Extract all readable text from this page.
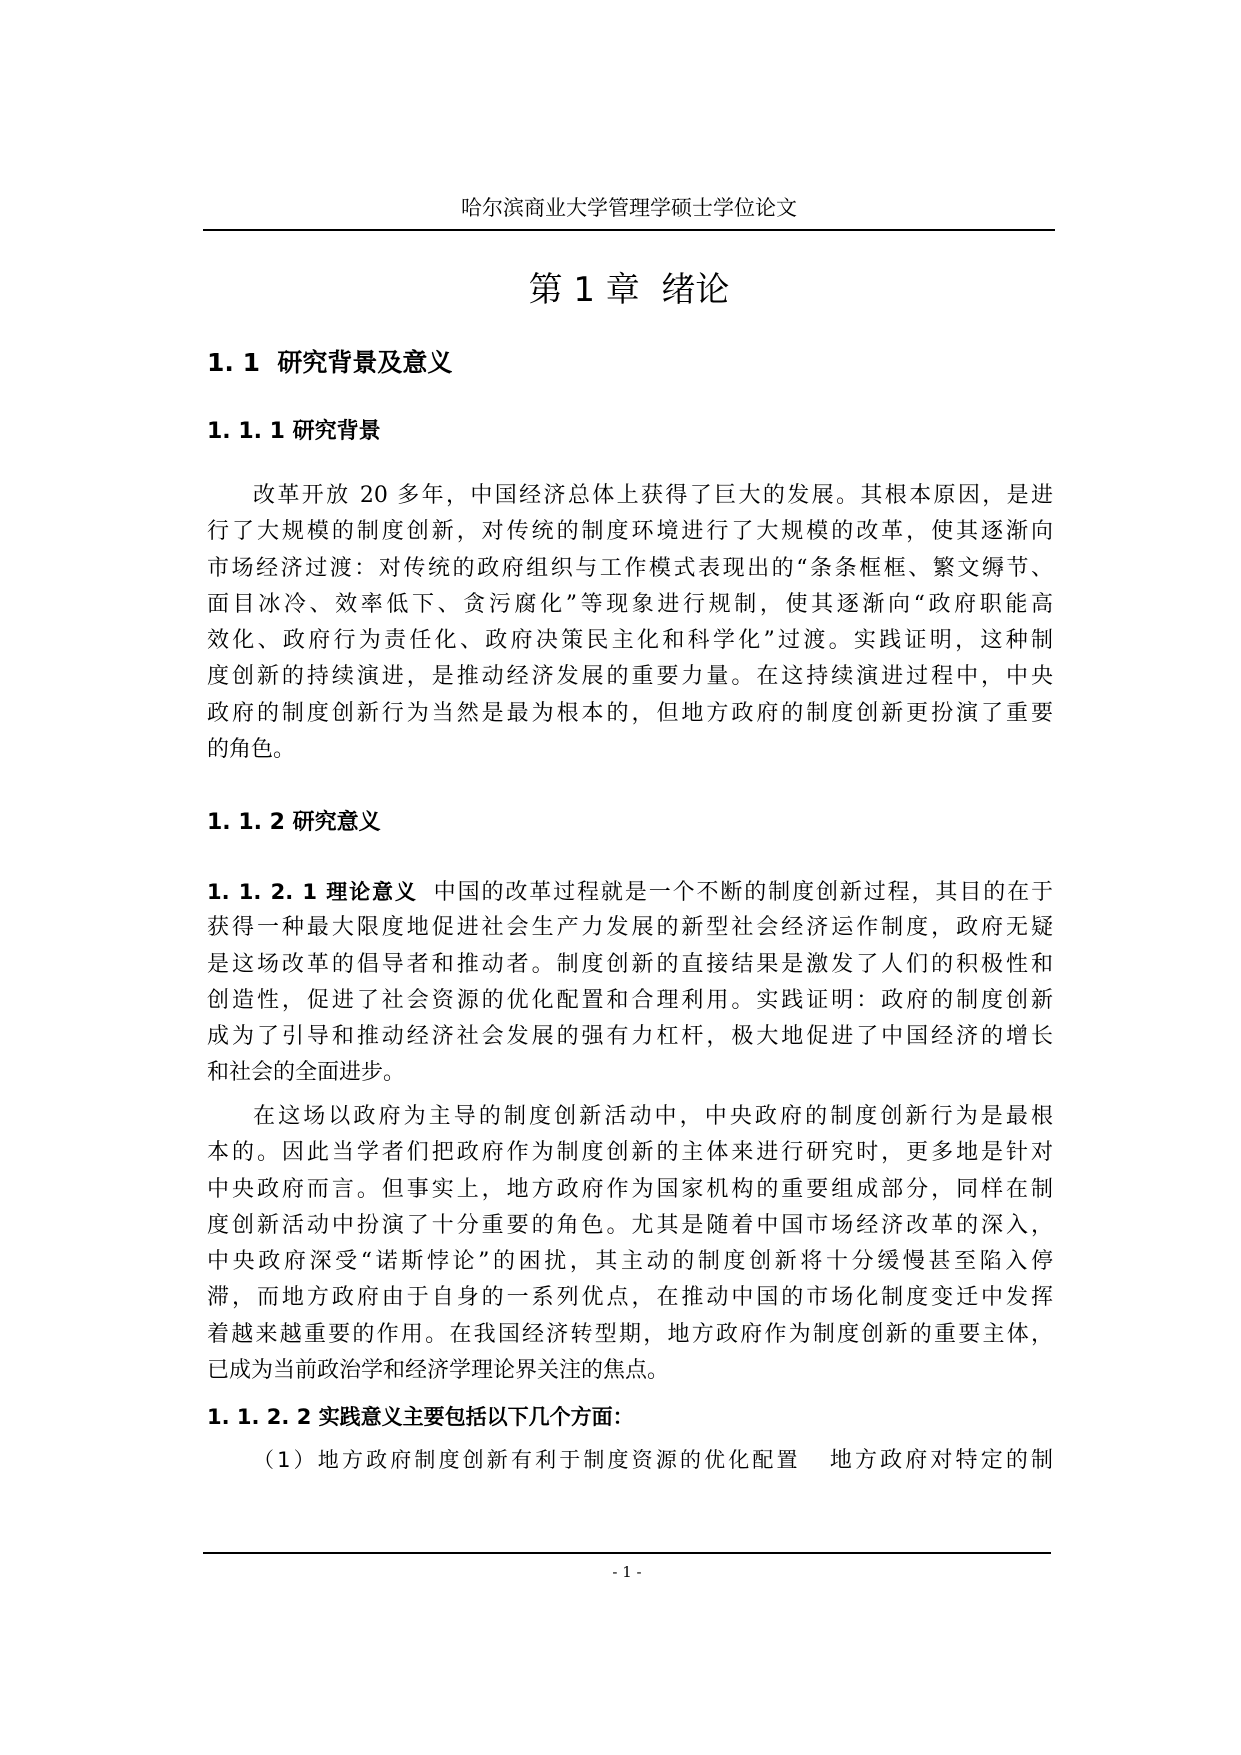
哈尔滨商业大学管理学硕士学位论文
第 1 章  绪论
1. 1 研究背景及意义
1. 1. 1 研究背景
改革开放 20 多年，中国经济总体上获得了巨大的发展。其根本原因，是进
行了大规模的制度创新，对传统的制度环境进行了大规模的改革，使其逐渐向
市场经济过渡：对传统的政府组织与工作模式表现出的“条条框框、繁文缛节、
面目冰冷、效率低下、贪污腐化”等现象进行规制，使其逐渐向“政府职能高
效化、政府行为责任化、政府决策民主化和科学化”过渡。实践证明，这种制
度创新的持续演进，是推动经济发展的重要力量。在这持续演进过程中，中央
政府的制度创新行为当然是最为根本的，但地方政府的制度创新更扮演了重要
的角色。
1. 1. 2 研究意义
1. 1. 2. 1 理论意义 中国的改革过程就是一个不断的制度创新过程，其目的在于
获得一种最大限度地促进社会生产力发展的新型社会经济运作制度，政府无疑
是这场改革的倡导者和推动者。制度创新的直接结果是激发了人们的积极性和
创造性，促进了社会资源的优化配置和合理利用。实践证明：政府的制度创新
成为了引导和推动经济社会发展的强有力杠杆，极大地促进了中国经济的增长
和社会的全面进步。
在这场以政府为主导的制度创新活动中，中央政府的制度创新行为是最根
本的。因此当学者们把政府作为制度创新的主体来进行研究时，更多地是针对
中央政府而言。但事实上，地方政府作为国家机构的重要组成部分，同样在制
度创新活动中扮演了十分重要的角色。尤其是随着中国市场经济改革的深入，
中央政府深受“诺斯悖论”的困扰，其主动的制度创新将十分缓慢甚至陷入停
滞，而地方政府由于自身的一系列优点，在推动中国的市场化制度变迁中发挥
着越来越重要的作用。在我国经济转型期，地方政府作为制度创新的重要主体，
已成为当前政治学和经济学理论界关注的焦点。
1. 1. 2. 2 实践意义主要包括以下几个方面：
（1）地方政府制度创新有利于制度资源的优化配置 地方政府对特定的制
- 1 -
